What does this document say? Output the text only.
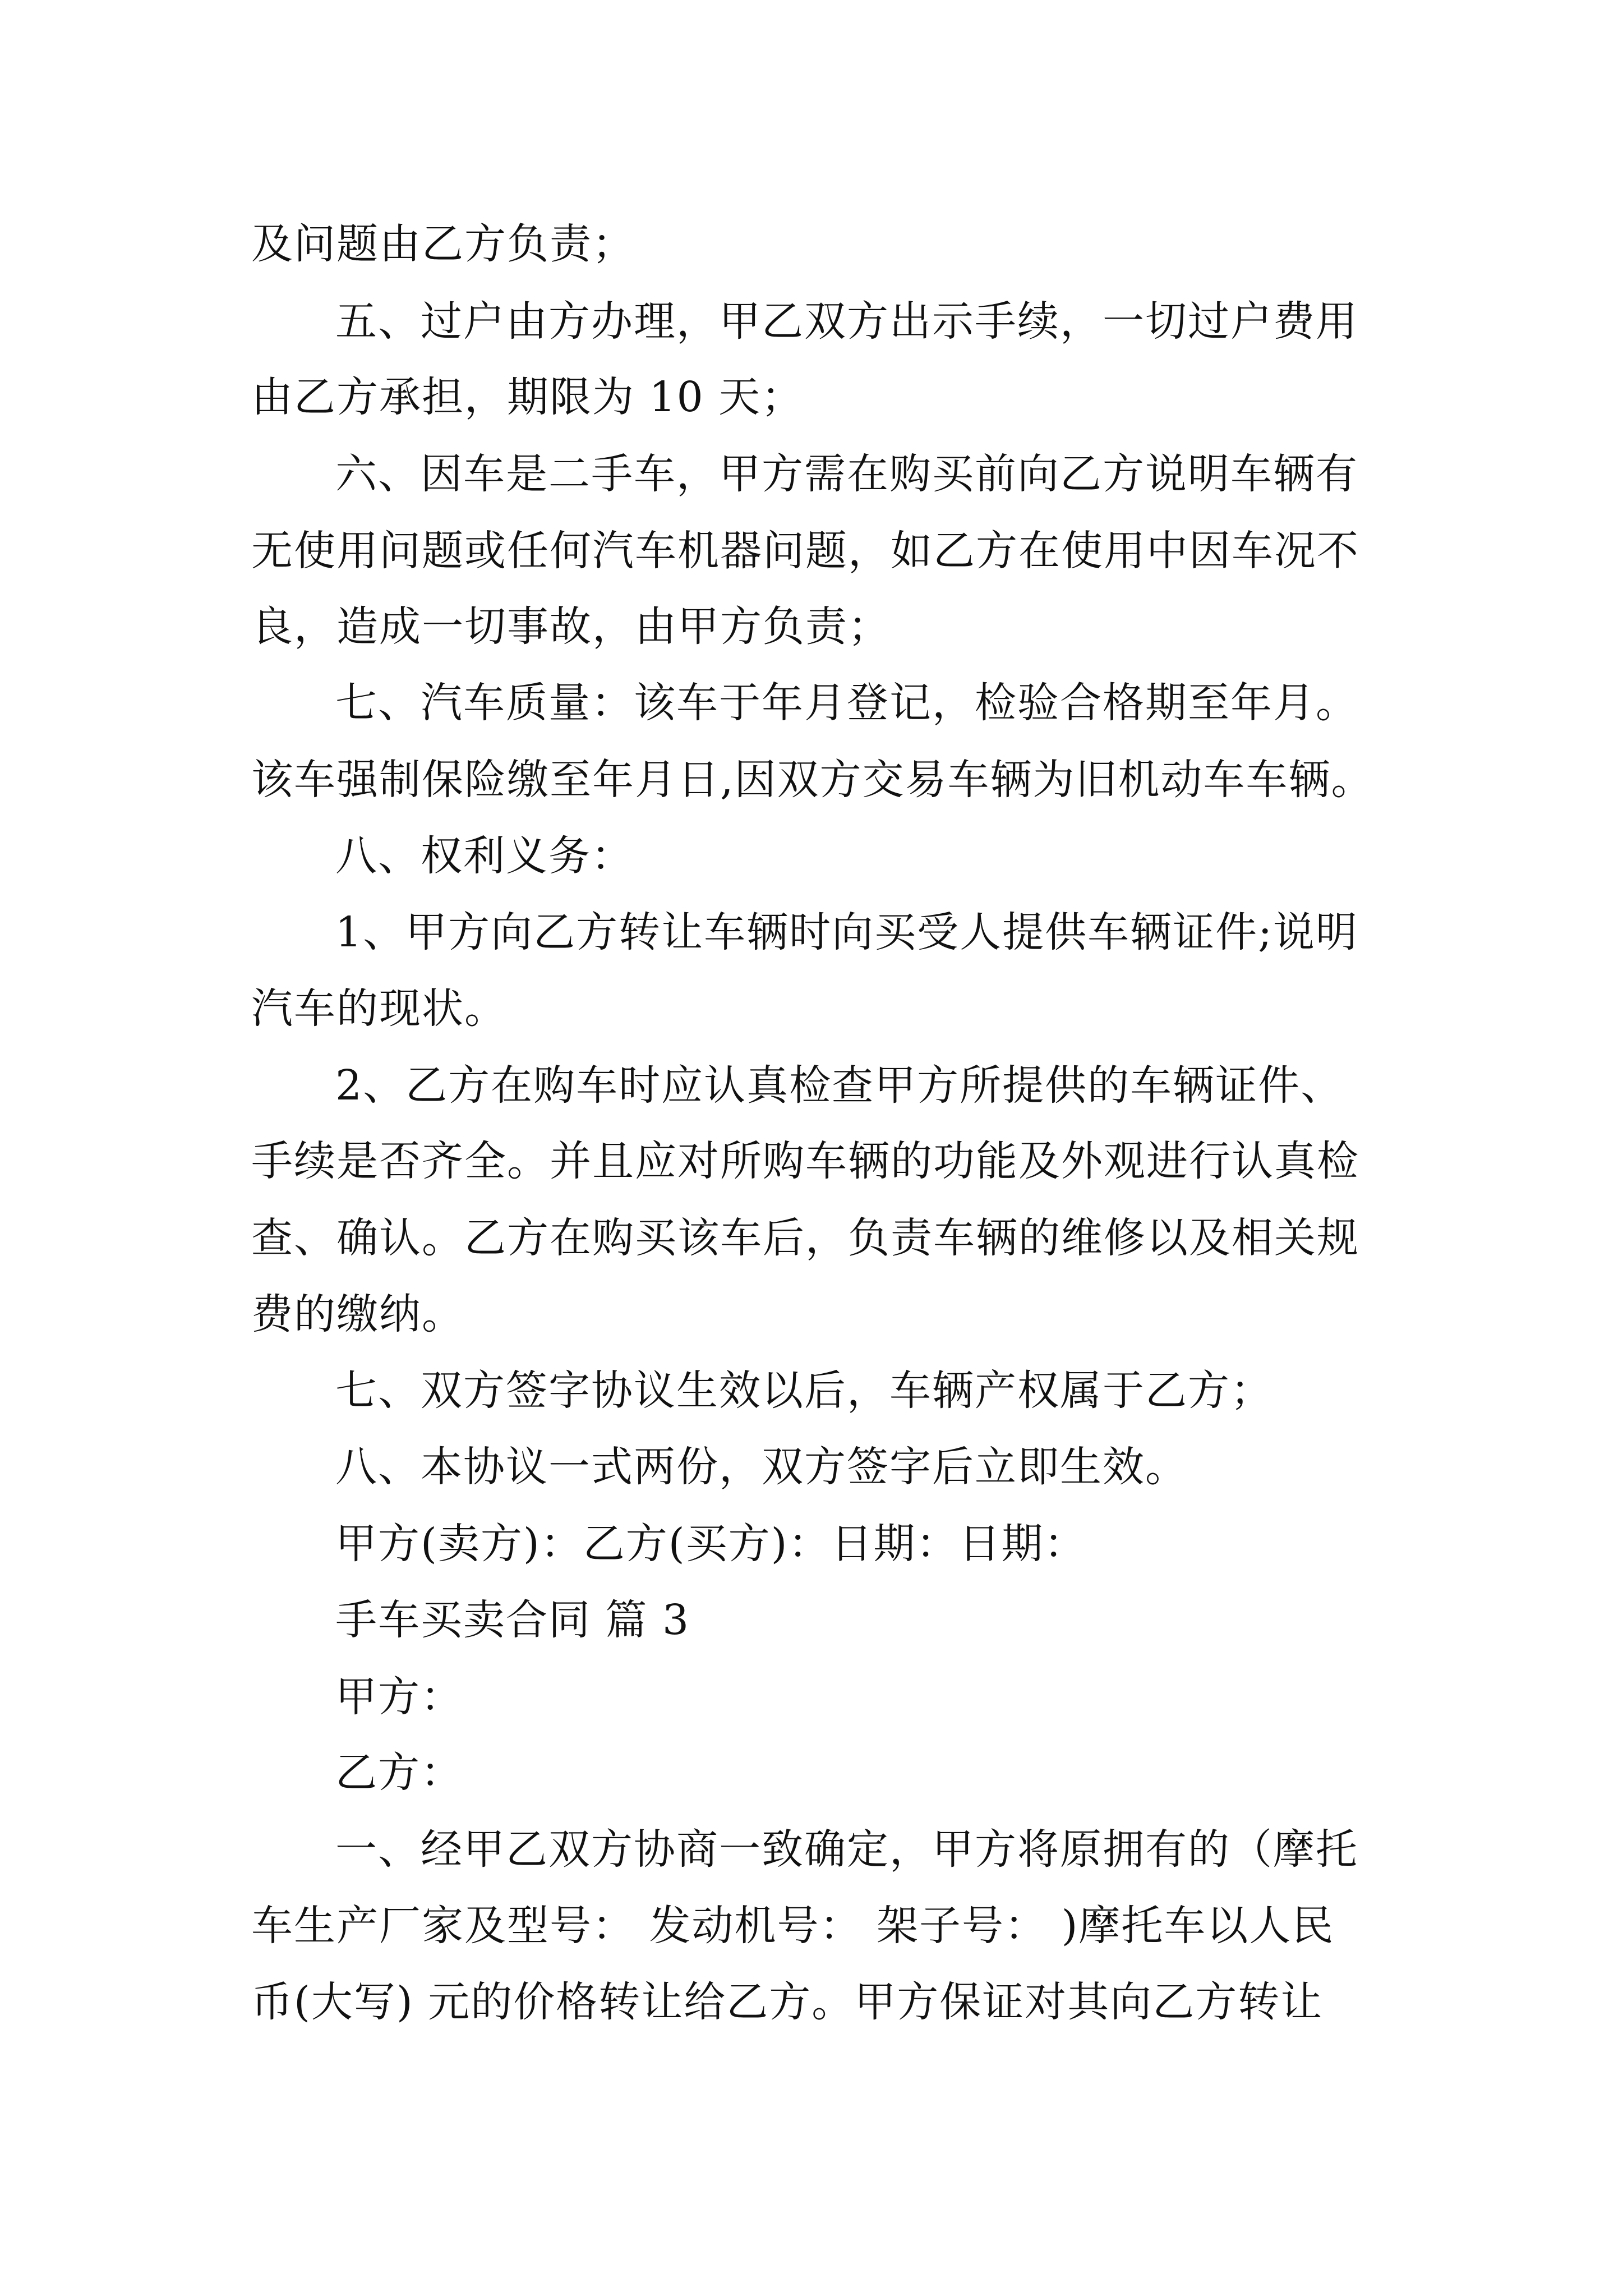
及问题由乙方负责；

五、过户由方办理，甲乙双方出示手续，一切过户费用

由乙方承担，期限为 10 天；

六、因车是二手车，甲方需在购买前向乙方说明车辆有

无使用问题或任何汽车机器问题，如乙方在使用中因车况不

良，造成一切事故，由甲方负责；

七、汽车质量：该车于年月登记，检验合格期至年月。

该车强制保险缴至年月日,因双方交易车辆为旧机动车车辆。

八、权利义务：

1、甲方向乙方转让车辆时向买受人提供车辆证件;说明

汽车的现状。

2、乙方在购车时应认真检查甲方所提供的车辆证件、

手续是否齐全。并且应对所购车辆的功能及外观进行认真检

查、确认。乙方在购买该车后，负责车辆的维修以及相关规

费的缴纳。

七、双方签字协议生效以后，车辆产权属于乙方；

八、本协议一式两份，双方签字后立即生效。

甲方(卖方)：乙方(买方)：日期：日期：

手车买卖合同 篇 3

甲方：

乙方：

一、经甲乙双方协商一致确定，甲方将原拥有的（摩托

车生产厂家及型号： 发动机号： 架子号： )摩托车以人民

币(大写) 元的价格转让给乙方。甲方保证对其向乙方转让
